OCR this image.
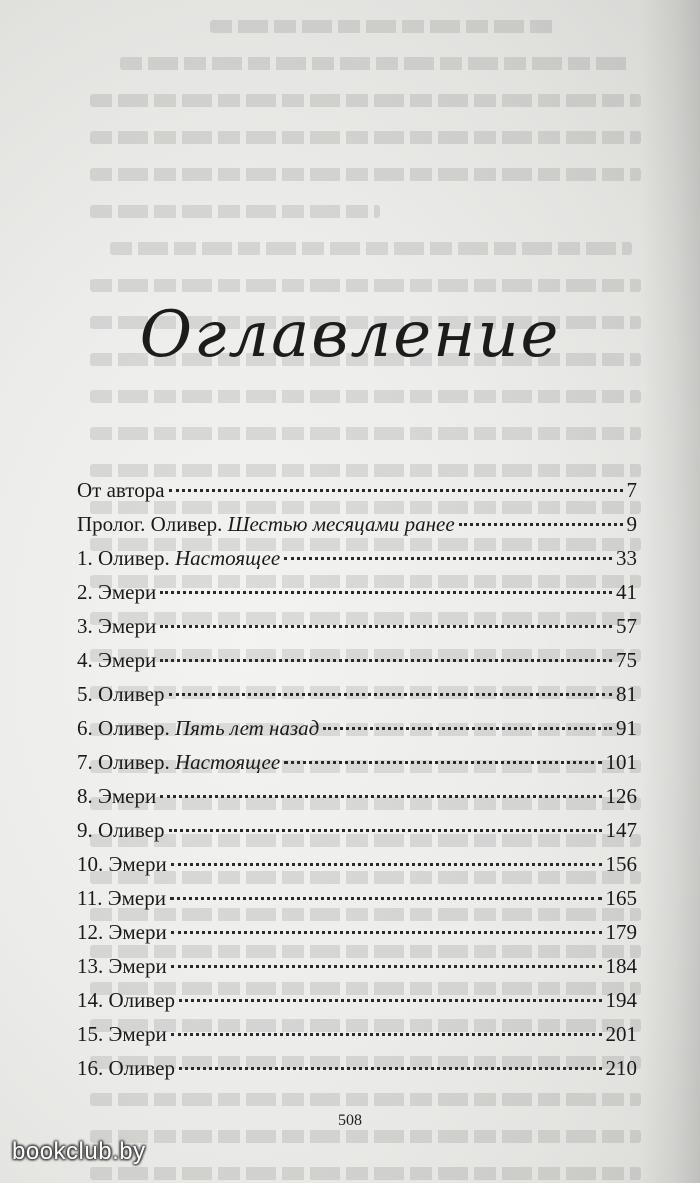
Оглавление
От автора	7
Пролог. Оливер. Шестью месяцами ранее	9
1. Оливер. Настоящее	33
2. Эмери	41
3. Эмери	57
4. Эмери	75
5. Оливер	81
6. Оливер. Пять лет назад	91
7. Оливер. Настоящее	101
8. Эмери	126
9. Оливер	147
10. Эмери	156
11. Эмери	165
12. Эмери	179
13. Эмери	184
14. Оливер	194
15. Эмери	201
16. Оливер	210
508
bookclub.by
